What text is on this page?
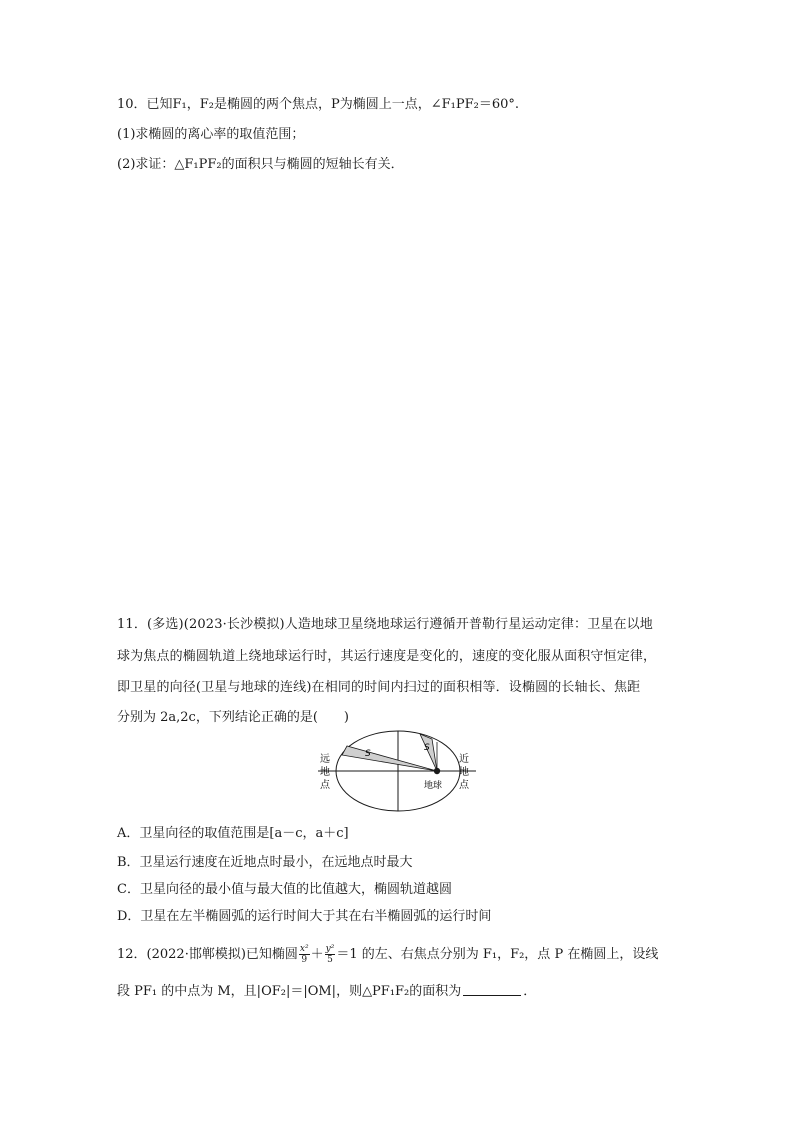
10．已知F₁，F₂是椭圆的两个焦点，P为椭圆上一点，∠F₁PF₂＝60°.
(1)求椭圆的离心率的取值范围；
(2)求证：△F₁PF₂的面积只与椭圆的短轴长有关．
11．(多选)(2023·长沙模拟)人造地球卫星绕地球运行遵循开普勒行星运动定律：卫星在以地
球为焦点的椭圆轨道上绕地球运行时，其运行速度是变化的，速度的变化服从面积守恒定律，
即卫星的向径(卫星与地球的连线)在相同的时间内扫过的面积相等．设椭圆的长轴长、焦距
分别为 2a,2c，下列结论正确的是(　　)
S
S
远
地
点
近
地
点
地球
A．卫星向径的取值范围是[a－c，a＋c]
B．卫星运行速度在近地点时最小，在远地点时最大
C．卫星向径的最小值与最大值的比值越大，椭圆轨道越圆
D．卫星在左半椭圆弧的运行时间大于其在右半椭圆弧的运行时间
12．(2022·邯郸模拟)已知椭圆 $\frac{\text{x²}}{9} + \frac{\text{y²}}{5} =1$ 的左、右焦点分别为 F₁，F₂，点 P 在椭圆上，设线
段 PF₁ 的中点为 M，且|OF₂|＝|OM|，则△PF₁F₂的面积为	．
